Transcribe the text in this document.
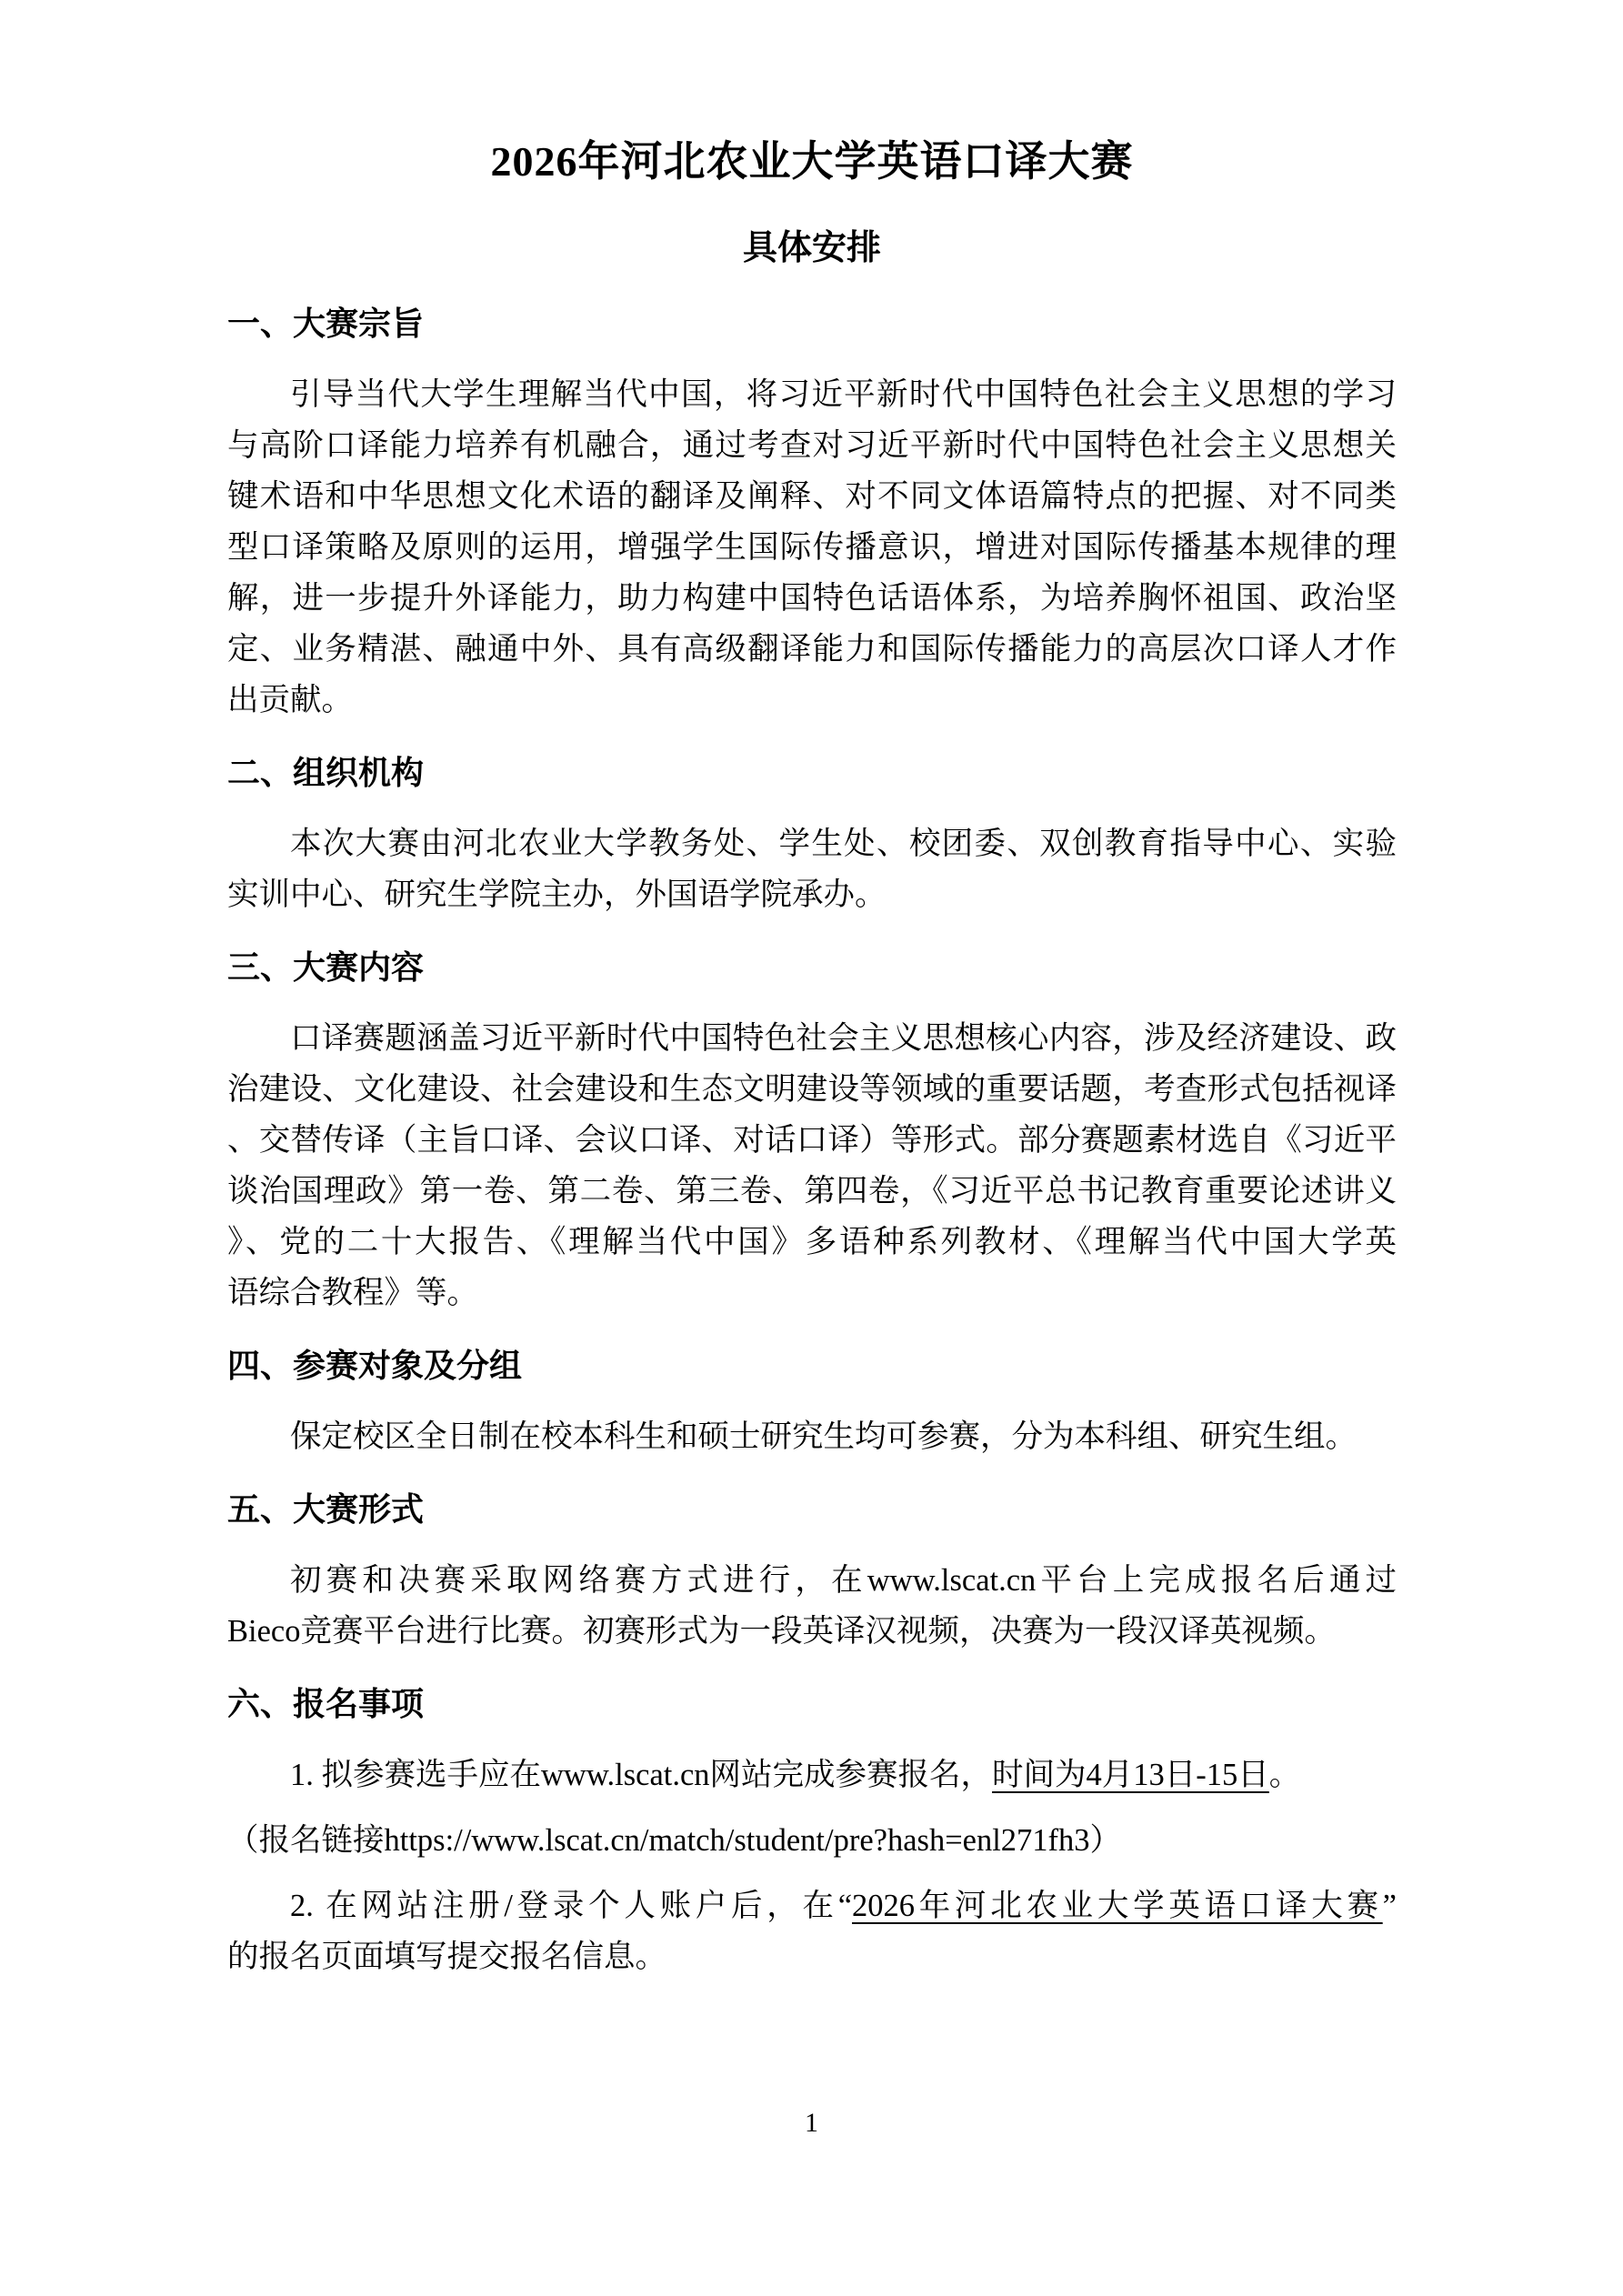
2026年河北农业大学英语口译大赛
具体安排
一、大赛宗旨
引导当代大学生理解当代中国，将习近平新时代中国特色社会主义思想的学习
与高阶口译能力培养有机融合，通过考查对习近平新时代中国特色社会主义思想关
键术语和中华思想文化术语的翻译及阐释、对不同文体语篇特点的把握、对不同类
型口译策略及原则的运用，增强学生国际传播意识，增进对国际传播基本规律的理
解，进一步提升外译能力，助力构建中国特色话语体系，为培养胸怀祖国、政治坚
定、业务精湛、融通中外、具有高级翻译能力和国际传播能力的高层次口译人才作
出贡献。
二、组织机构
本次大赛由河北农业大学教务处、学生处、校团委、双创教育指导中心、实验
实训中心、研究生学院主办，外国语学院承办。
三、大赛内容
口译赛题涵盖习近平新时代中国特色社会主义思想核心内容，涉及经济建设、政
治建设、文化建设、社会建设和生态文明建设等领域的重要话题，考查形式包括视译
、交替传译（主旨口译、会议口译、对话口译）等形式。部分赛题素材选自《习近平
谈治国理政》第一卷、第二卷、第三卷、第四卷，《习近平总书记教育重要论述讲义
》、党的二十大报告、《理解当代中国》多语种系列教材、《理解当代中国大学英
语综合教程》等。
四、参赛对象及分组
保定校区全日制在校本科生和硕士研究生均可参赛，分为本科组、研究生组。
五、大赛形式
初赛和决赛采取网络赛方式进行，在www.lscat.cn平台上完成报名后通过
Bieco竞赛平台进行比赛。初赛形式为一段英译汉视频，决赛为一段汉译英视频。
六、报名事项
1. 拟参赛选手应在www.lscat.cn网站完成参赛报名，时间为4月13日-15日。
（报名链接https://www.lscat.cn/match/student/pre?hash=enl271fh3）
2. 在网站注册/登录个人账户后，在“2026年河北农业大学英语口译大赛”
的报名页面填写提交报名信息。
1
